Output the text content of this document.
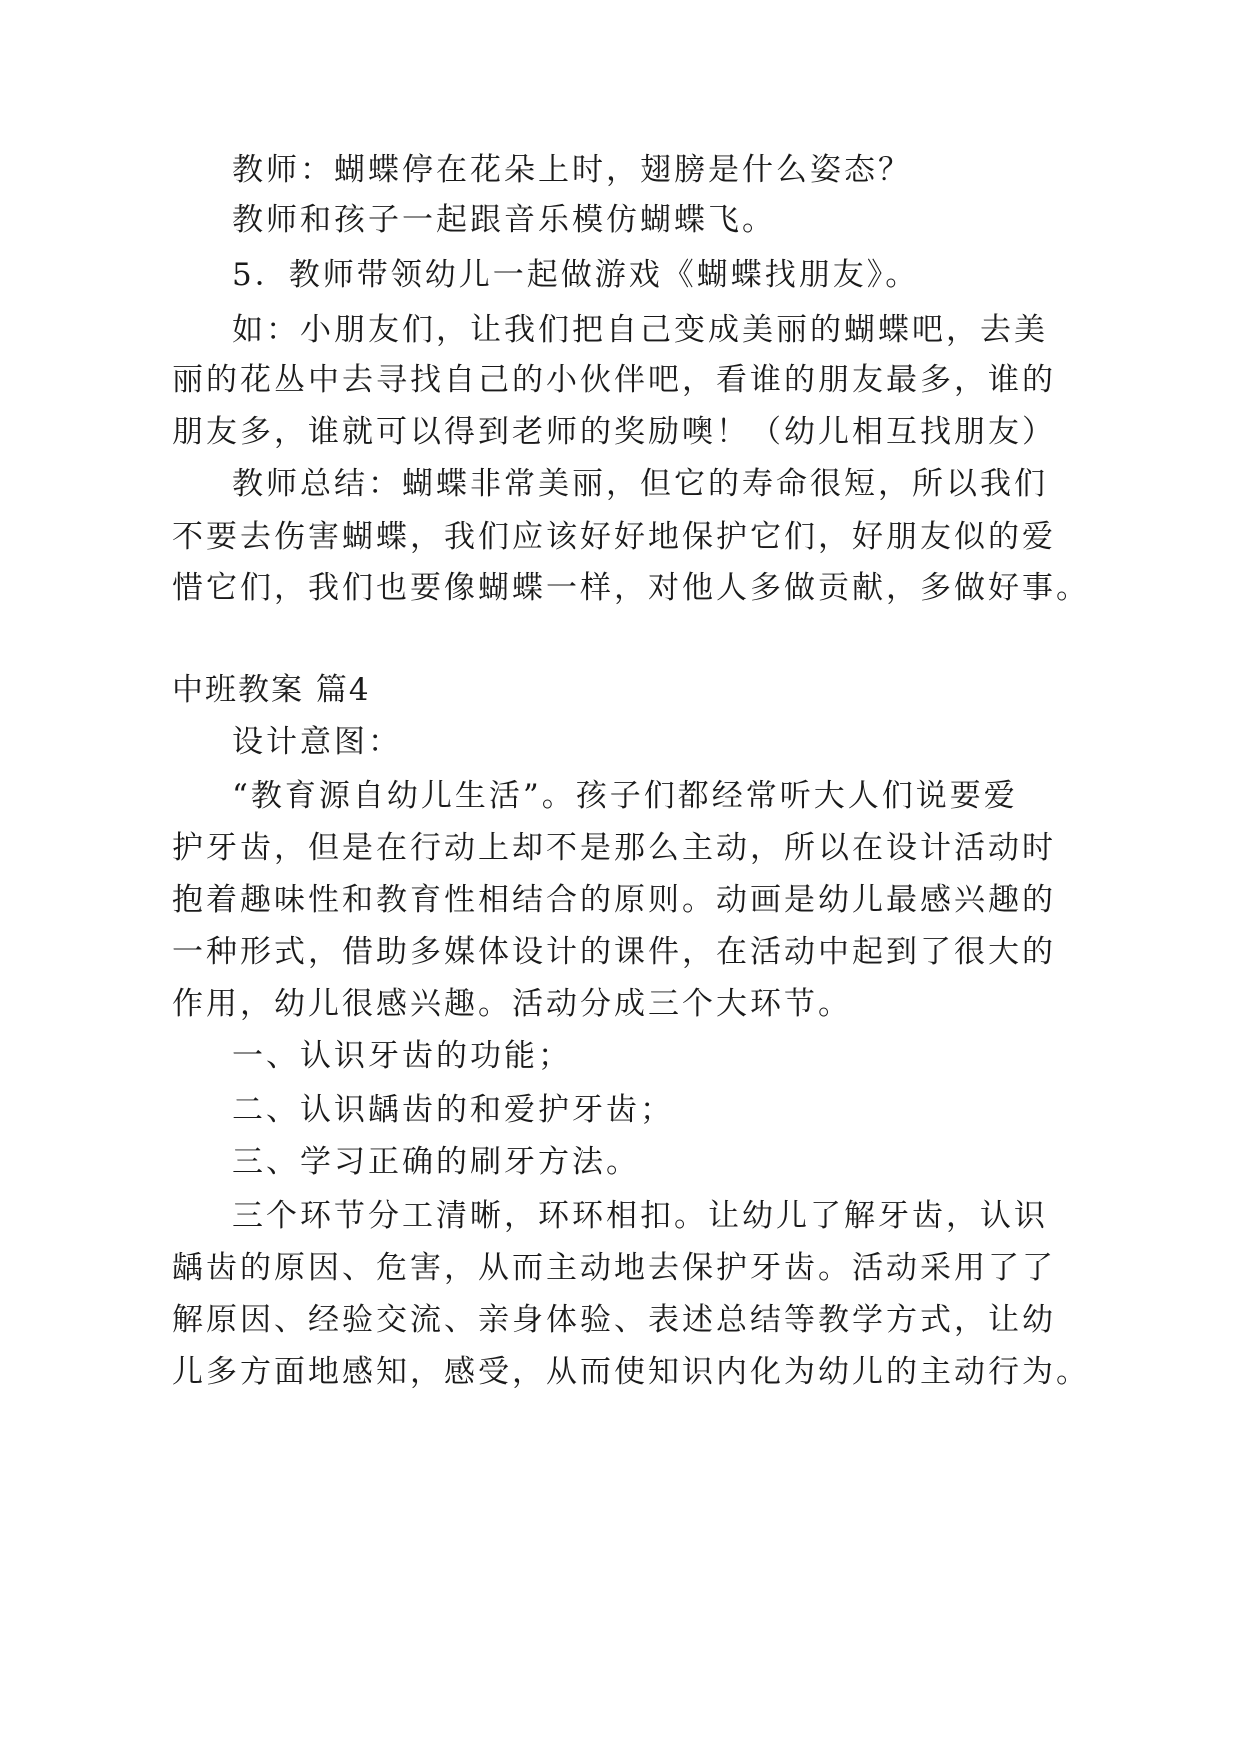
教师：蝴蝶停在花朵上时，翅膀是什么姿态？
教师和孩子一起跟音乐模仿蝴蝶飞。
5．教师带领幼儿一起做游戏《蝴蝶找朋友》。
如：小朋友们，让我们把自己变成美丽的蝴蝶吧，去美
丽的花丛中去寻找自己的小伙伴吧，看谁的朋友最多，谁的
朋友多，谁就可以得到老师的奖励噢！（幼儿相互找朋友）
教师总结：蝴蝶非常美丽，但它的寿命很短，所以我们
不要去伤害蝴蝶，我们应该好好地保护它们，好朋友似的爱
惜它们，我们也要像蝴蝶一样，对他人多做贡献，多做好事。
中班教案 篇4
设计意图：
“教育源自幼儿生活”。孩子们都经常听大人们说要爱
护牙齿，但是在行动上却不是那么主动，所以在设计活动时
抱着趣味性和教育性相结合的原则。动画是幼儿最感兴趣的
一种形式，借助多媒体设计的课件，在活动中起到了很大的
作用，幼儿很感兴趣。活动分成三个大环节。
一、认识牙齿的功能；
二、认识龋齿的和爱护牙齿；
三、学习正确的刷牙方法。
三个环节分工清晰，环环相扣。让幼儿了解牙齿，认识
龋齿的原因、危害，从而主动地去保护牙齿。活动采用了了
解原因、经验交流、亲身体验、表述总结等教学方式，让幼
儿多方面地感知，感受，从而使知识内化为幼儿的主动行为。
